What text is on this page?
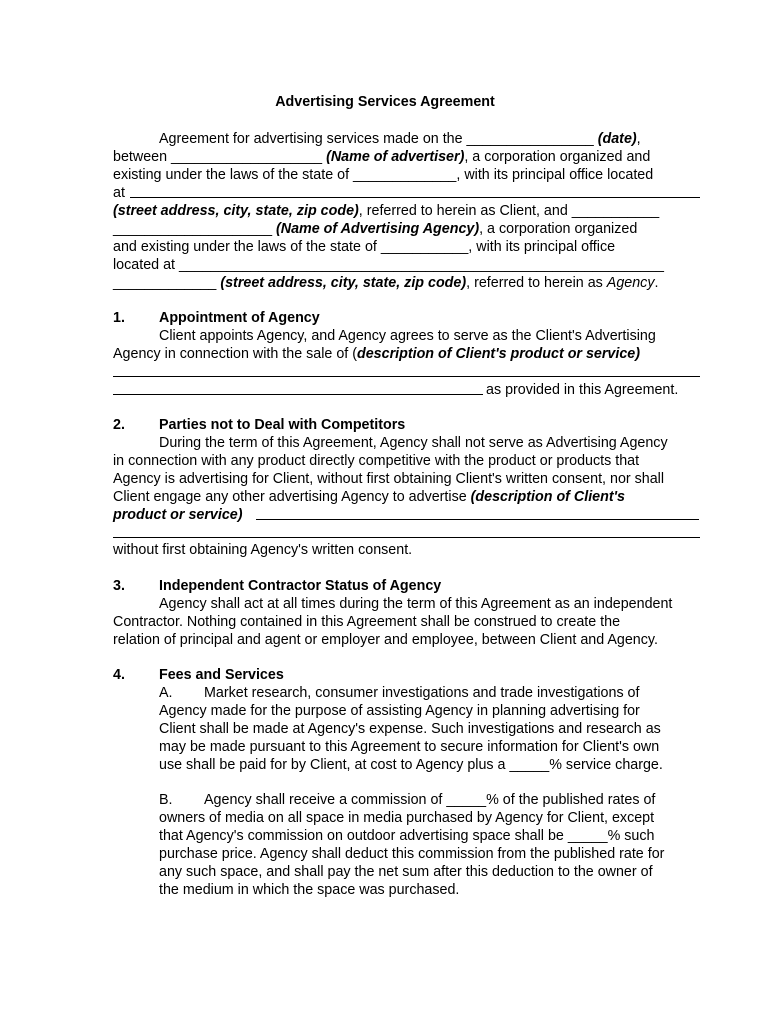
Advertising Services Agreement
Agreement for advertising services made on the ________________ (date),
between ___________________ (Name of advertiser), a corporation organized and
existing under the laws of the state of _____________, with its principal office located
at
(street address, city, state, zip code), referred to herein as Client, and ___________
____________________ (Name of Advertising Agency), a corporation organized
and existing under the laws of the state of ___________, with its principal office
located at _____________________________________________________________
_____________ (street address, city, state, zip code), referred to herein as Agency.
1. Appointment of Agency
Client appoints Agency, and Agency agrees to serve as the Client's Advertising
Agency in connection with the sale of (description of Client's product or service)
as provided in this Agreement.
2. Parties not to Deal with Competitors
During the term of this Agreement, Agency shall not serve as Advertising Agency
in connection with any product directly competitive with the product or products that
Agency is advertising for Client, without first obtaining Client's written consent, nor shall
Client engage any other advertising Agency to advertise (description of Client's
product or service)
without first obtaining Agency's written consent.
3. Independent Contractor Status of Agency
Agency shall act at all times during the term of this Agreement as an independent
Contractor. Nothing contained in this Agreement shall be construed to create the
relation of principal and agent or employer and employee, between Client and Agency.
4. Fees and Services
A. Market research, consumer investigations and trade investigations of
Agency made for the purpose of assisting Agency in planning advertising for
Client shall be made at Agency's expense. Such investigations and research as
may be made pursuant to this Agreement to secure information for Client's own
use shall be paid for by Client, at cost to Agency plus a _____% service charge.
B. Agency shall receive a commission of _____% of the published rates of
owners of media on all space in media purchased by Agency for Client, except
that Agency's commission on outdoor advertising space shall be _____% such
purchase price. Agency shall deduct this commission from the published rate for
any such space, and shall pay the net sum after this deduction to the owner of
the medium in which the space was purchased.
